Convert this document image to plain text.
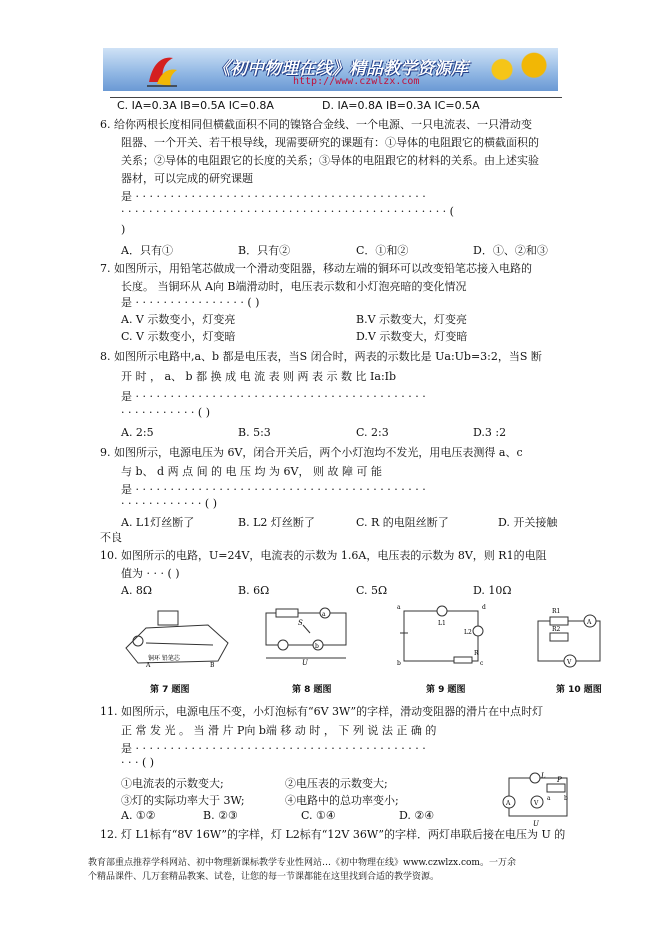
《初中物理在线》精品教学资源库
http://www.czwlzx.com
C. IA=0.3A IB=0.5A IC=0.8A	D. IA=0.8A IB=0.3A IC=0.5A
6. 给你两根长度相同但横截面积不同的镍铬合金线、一个电源、一只电流表、一只滑动变
阻器、一个开关、若干根导线，现需要研究的课题有：①导体的电阻跟它的横截面积的
关系；②导体的电阻跟它的长度的关系；③导体的电阻跟它的材料的关系。由上述实验
器材，可以完成的研究课题
是 · · · · · · · · · · · · · · · · · · · · · · · · · · · · · · · · · · · · · · · · · ·
· · · · · · · · · · · · · · · · · · · · · · · · · · · · · · · · · · · · · · · · · · · · · · · (
)
A．只有①	B．只有②	C．①和②	D．①、②和③
7. 如图所示，用铅笔芯做成一个滑动变阻器，移动左端的铜环可以改变铅笔芯接入电路的
长度。 当铜环从 A向 B端滑动时，电压表示数和小灯泡亮暗的变化情况
是 · · · · · · · · · · · · · · · · ( )
A. V 示数变小，灯变亮	B.V 示数变大，灯变亮
C. V 示数变小，灯变暗	D.V 示数变大，灯变暗
8. 如图所示电路中,a、b 都是电压表，当S 闭合时，两表的示数比是 Ua:Ub=3:2，当S 断
开 时 ， a、 b 都 换 成 电 流 表 则 两 表 示 数 比 Ia:Ib
是 · · · · · · · · · · · · · · · · · · · · · · · · · · · · · · · · · · · · · · · · · ·
· · · · · · · · · · · ( )
A. 2:5	B. 5:3	C. 2:3	D.3 :2
9. 如图所示，电源电压为 6V，闭合开关后，两个小灯泡均不发光，用电压表测得 a、c
与 b、 d 两 点 间 的 电 压 均 为 6V， 则 故 障 可 能
是 · · · · · · · · · · · · · · · · · · · · · · · · · · · · · · · · · · · · · · · · · ·
· · · · · · · · · · · · ( )
A. L1灯丝断了	B. L2 灯丝断了	C. R 的电阻丝断了	D. 开关接触
不良
10. 如图所示的电路，U=24V，电流表的示数为 1.6A，电压表的示数为 8V，则 R1的电阻
值为 · · · ( )
A. 8Ω	B. 6Ω	C. 5Ω	D. 10Ω
铜环 铅笔芯
A	B
第 7 题图
a
b
S
U
第 8 题图
a
b
d
c
L1
L2
R
第 9 题图
R1
R2
A
V
第 10 题图
11. 如图所示，电源电压不变，小灯泡标有“6V 3W”的字样，滑动变阻器的滑片在中点时灯
正 常 发 光 。 当 滑 片 P向 b端 移 动 时 ， 下 列 说 法 正 确 的
是 · · · · · · · · · · · · · · · · · · · · · · · · · · · · · · · · · · · · · · · · · ·
· · · ( )
①电流表的示数变大;	②电压表的示数变大;
③灯的实际功率大于 3W;	④电路中的总功率变小;
A. ①②	B. ②③	C. ①④	D. ②④
L P
a b
A	V
U
12. 灯 L1标有“8V 16W”的字样，灯 L2标有“12V 36W”的字样．两灯串联后接在电压为 U 的
教育部重点推荐学科网站、初中物理新课标教学专业性网站…《初中物理在线》www.czwlzx.com。一万余
个精品课件、几万套精品教案、试卷，让您的每一节课都能在这里找到合适的教学资源。
